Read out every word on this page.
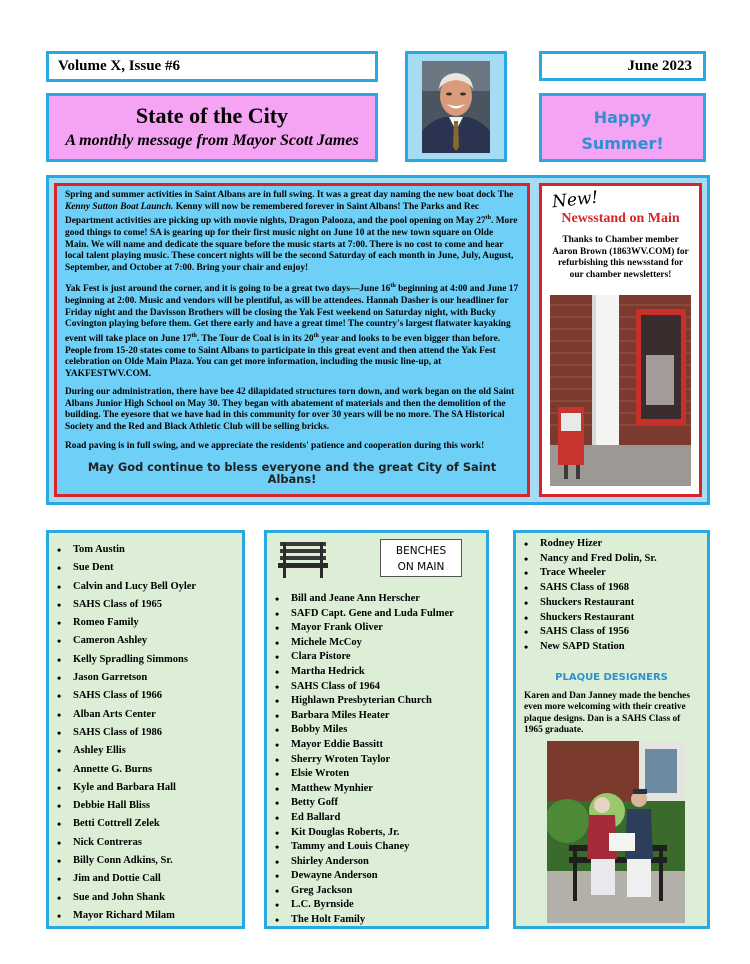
Volume X, Issue #6	June 2023
State of the City
A monthly message from Mayor Scott James
Happy
Summer!

Spring and summer activities in Saint Albans are in full swing. It was a great day naming the new boat dock The Kenny Sutton Boat Launch. Kenny will now be remembered forever in Saint Albans! The Parks and Rec Department activities are picking up with movie nights, Dragon Palooza, and the pool opening on May 27th. More good things to come! SA is gearing up for their first music night on June 10 at the new town square on Olde Main. We will name and dedicate the square before the music starts at 7:00. There is no cost to come and hear local talent playing music. These concert nights will be the second Saturday of each month in June, July, August, September, and October at 7:00. Bring your chair and enjoy!

Yak Fest is just around the corner, and it is going to be a great two days—June 16th beginning at 4:00 and June 17 beginning at 2:00. Music and vendors will be plentiful, as will be attendees. Hannah Dasher is our headliner for Friday night and the Davisson Brothers will be closing the Yak Fest weekend on Saturday night, with Bucky Covington playing before them. Get there early and have a great time! The country's largest flatwater kayaking event will take place on June 17th. The Tour de Coal is in its 20th year and looks to be even bigger than before. People from 15-20 states come to Saint Albans to participate in this great event and then attend the Yak Fest celebration on Olde Main Plaza. You can get more information, including the music line-up, at YAKFESTWV.COM.

During our administration, there have bee 42 dilapidated structures torn down, and work began on the old Saint Albans Junior High School on May 30. They began with abatement of materials and then the demolition of the building. The eyesore that we have had in this community for over 30 years will be no more. The SA Historical Society and the Red and Black Athletic Club will be selling bricks.

Road paving is in full swing, and we appreciate the residents' patience and cooperation during this work!

May God continue to bless everyone and the great City of Saint Albans!

New!
Newsstand on Main
Thanks to Chamber member Aaron Brown (1863WV.COM) for refurbishing this newsstand for our chamber newsletters!
• Tom Austin
• Sue Dent
• Calvin and Lucy Bell Oyler
• SAHS Class of 1965
• Romeo Family
• Cameron Ashley
• Kelly Spradling Simmons
• Jason Garretson
• SAHS Class of 1966
• Alban Arts Center
• SAHS Class of 1986
• Ashley Ellis
• Annette G. Burns
• Kyle and Barbara Hall
• Debbie Hall Bliss
• Betti Cottrell Zelek
• Nick Contreras
• Billy Conn Adkins, Sr.
• Jim and Dottie Call
• Sue and John Shank
• Mayor Richard Milam
BENCHES
ON MAIN
• Bill and Jeane Ann Herscher
• SAFD Capt. Gene and Luda Fulmer
• Mayor Frank Oliver
• Michele McCoy
• Clara Pistore
• Martha Hedrick
• SAHS Class of 1964
• Highlawn Presbyterian Church
• Barbara Miles Heater
• Bobby Miles
• Mayor Eddie Bassitt
• Sherry Wroten Taylor
• Elsie Wroten
• Matthew Mynhier
• Betty Goff
• Ed Ballard
• Kit Douglas Roberts, Jr.
• Tammy and Louis Chaney
• Shirley Anderson
• Dewayne Anderson
• Greg Jackson
• L.C. Byrnside
• The Holt Family
• Rodney Hizer
• Nancy and Fred Dolin, Sr.
• Trace Wheeler
• SAHS Class of 1968
• Shuckers Restaurant
• Shuckers Restaurant
• SAHS Class of 1956
• New SAPD Station
PLAQUE DESIGNERS
Karen and Dan Janney made the benches even more welcoming with their creative plaque designs. Dan is a SAHS Class of 1965 graduate.
